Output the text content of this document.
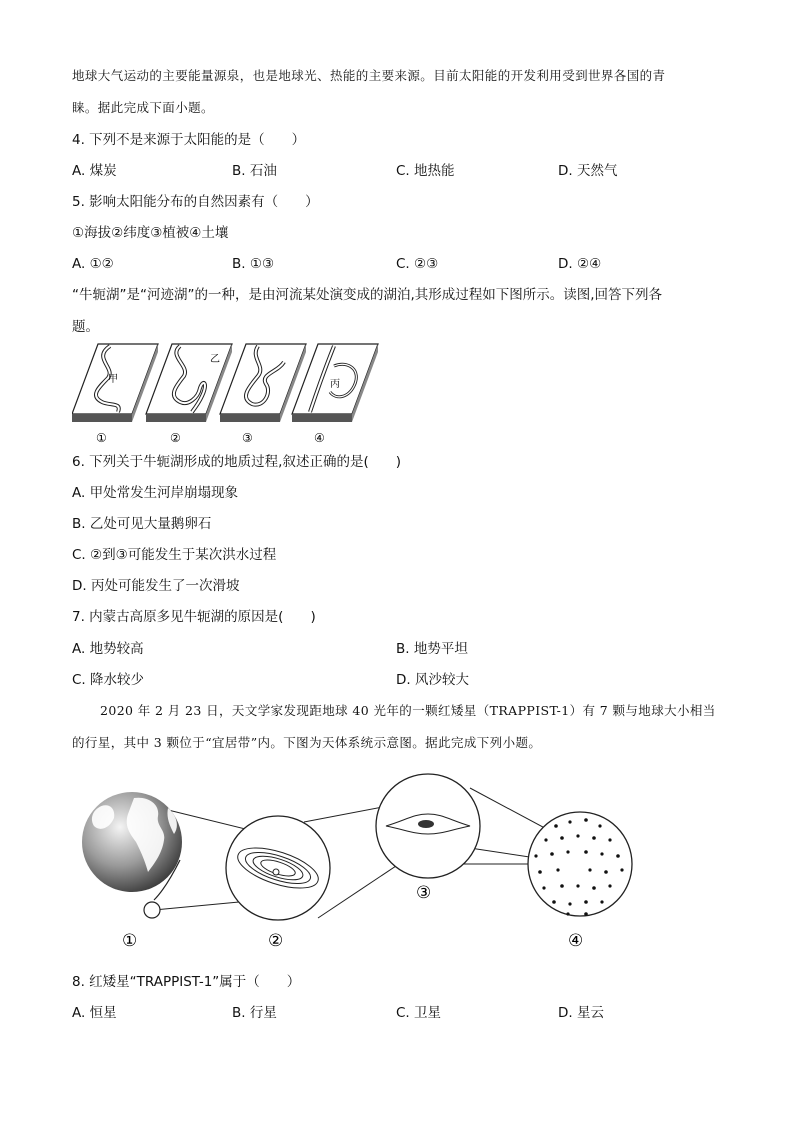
地球大气运动的主要能量源泉，也是地球光、热能的主要来源。目前太阳能的开发利用受到世界各国的青
睐。据此完成下面小题。
4. 下列不是来源于太阳能的是（　　）
A. 煤炭	B. 石油	C. 地热能	D. 天然气
5. 影响太阳能分布的自然因素有（　　）
①海拔②纬度③植被④土壤
A. ①②	B. ①③	C. ②③	D. ②④
“牛轭湖”是“河迹湖”的一种，是由河流某处演变成的湖泊,其形成过程如下图所示。读图,回答下列各
题。
甲
乙
丙
①	②	③	④
6. 下列关于牛轭湖形成的地质过程,叙述正确的是(　　)
A. 甲处常发生河岸崩塌现象
B. 乙处可见大量鹅卵石
C. ②到③可能发生于某次洪水过程
D. 丙处可能发生了一次滑坡
7. 内蒙古高原多见牛轭湖的原因是(　　)
A. 地势较高	B. 地势平坦
C. 降水较少	D. 风沙较大
2020 年 2 月 23 日，天文学家发现距地球 40 光年的一颗红矮星（TRAPPIST-1）有 7 颗与地球大小相当
的行星，其中 3 颗位于“宜居带”内。下图为天体系统示意图。据此完成下列小题。
①	②
③
④
8. 红矮星“TRAPPIST-1”属于（　　）
A. 恒星	B. 行星	C. 卫星	D. 星云
